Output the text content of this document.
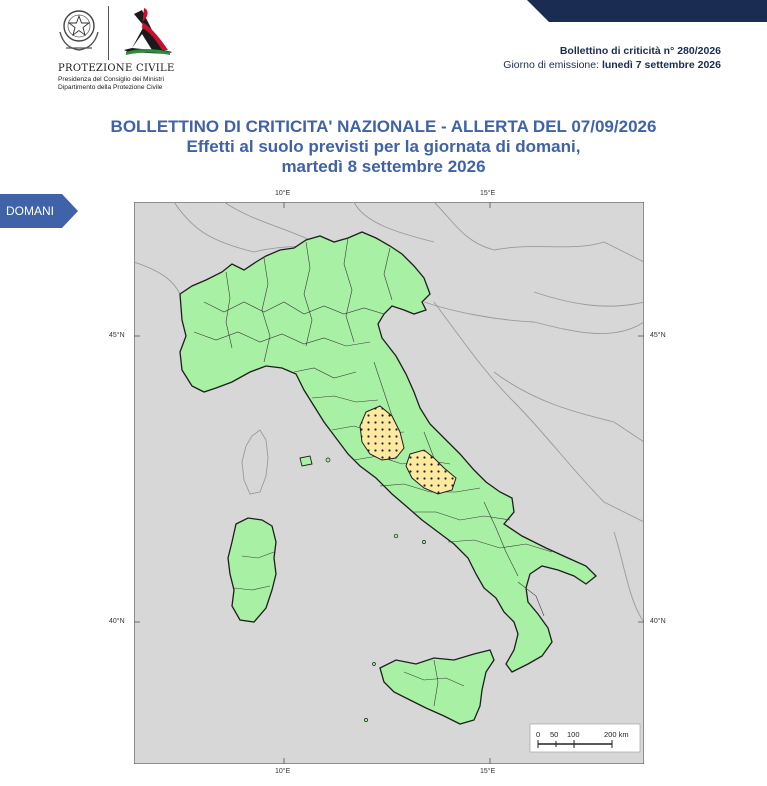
PROTEZIONE CIVILE
Presidenza del Consiglio dei Ministri
Dipartimento della Protezione Civile
Bollettino di criticità n° 280/2026
Giorno di emissione: lunedì 7 settembre 2026
BOLLETTINO DI CRITICITA' NAZIONALE - ALLERTA DEL 07/09/2026
Effetti al suolo previsti per la giornata di domani,
martedì 8 settembre 2026
DOMANI
0 50 100	200 km
10°E	15°E
10°E	15°E
45°N
40°N
45°N
40°N
